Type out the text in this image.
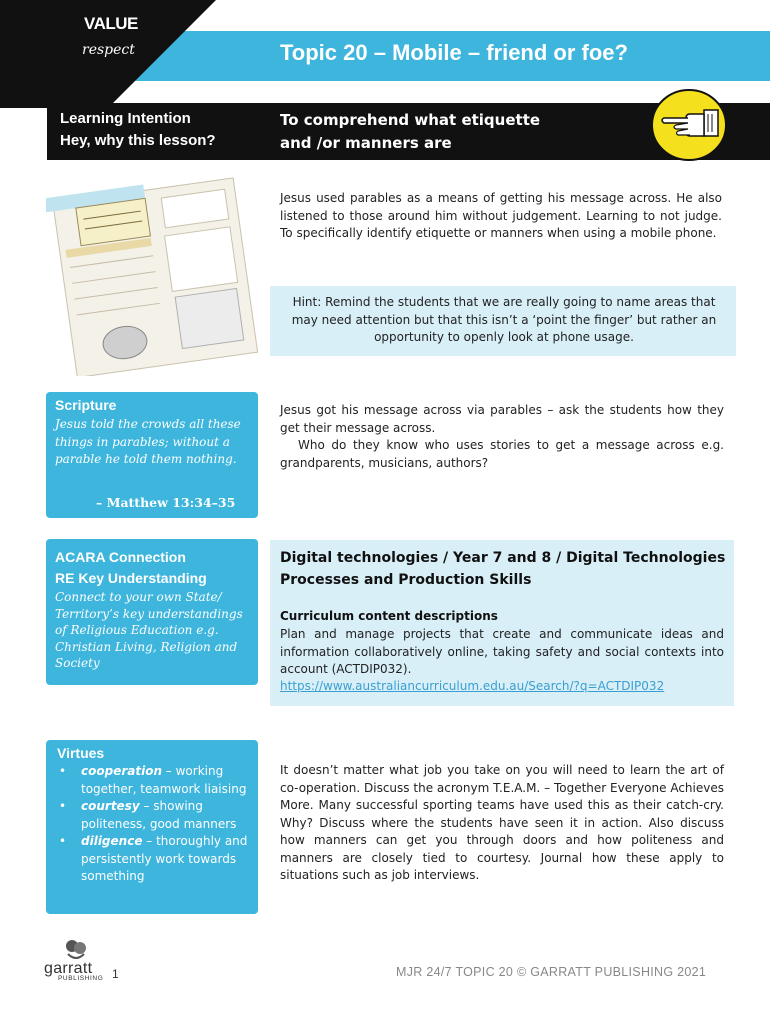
VALUE
respect	Topic 20 – Mobile – friend or foe?
Learning Intention
Hey, why this lesson?
To comprehend what etiquette
and /or manners are
Jesus used parables as a means of getting his message across. He also listened to those around him without judgement. Learning to not judge. To specifically identify etiquette or manners when using a mobile phone.
Hint: Remind the students that we are really going to name areas that may need attention but that this isn’t a ‘point the finger’ but rather an opportunity to openly look at phone usage.
Scripture
Jesus told the crowds all these things in parables; without a parable he told them nothing.
– Matthew 13:34–35
Jesus got his message across via parables – ask the students how they get their message across.
Who do they know who uses stories to get a message across e.g. grandparents, musicians, authors?
ACARA Connection
RE Key Understanding
Connect to your own State/ Territory’s key understandings of Religious Education e.g. Christian Living, Religion and Society
Digital technologies / Year 7 and 8 / Digital Technologies Processes and Production Skills
Curriculum content descriptions
Plan and manage projects that create and communicate ideas and information collaboratively online, taking safety and social contexts into account (ACTDIP032).
https://www.australiancurriculum.edu.au/Search/?q=ACTDIP032
Virtues
• cooperation – working together, teamwork liaising
• courtesy – showing politeness, good manners
• diligence – thoroughly and persistently work towards something
It doesn’t matter what job you take on you will need to learn the art of co-operation. Discuss the acronym T.E.A.M. – Together Everyone Achieves More. Many successful sporting teams have used this as their catch-cry. Why? Discuss where the students have seen it in action. Also discuss how manners can get you through doors and how politeness and manners are closely tied to courtesy. Journal how these apply to situations such as job interviews.
garratt
PUBLISHING 1	MJR 24/7 TOPIC 20 © GARRATT PUBLISHING 2021
